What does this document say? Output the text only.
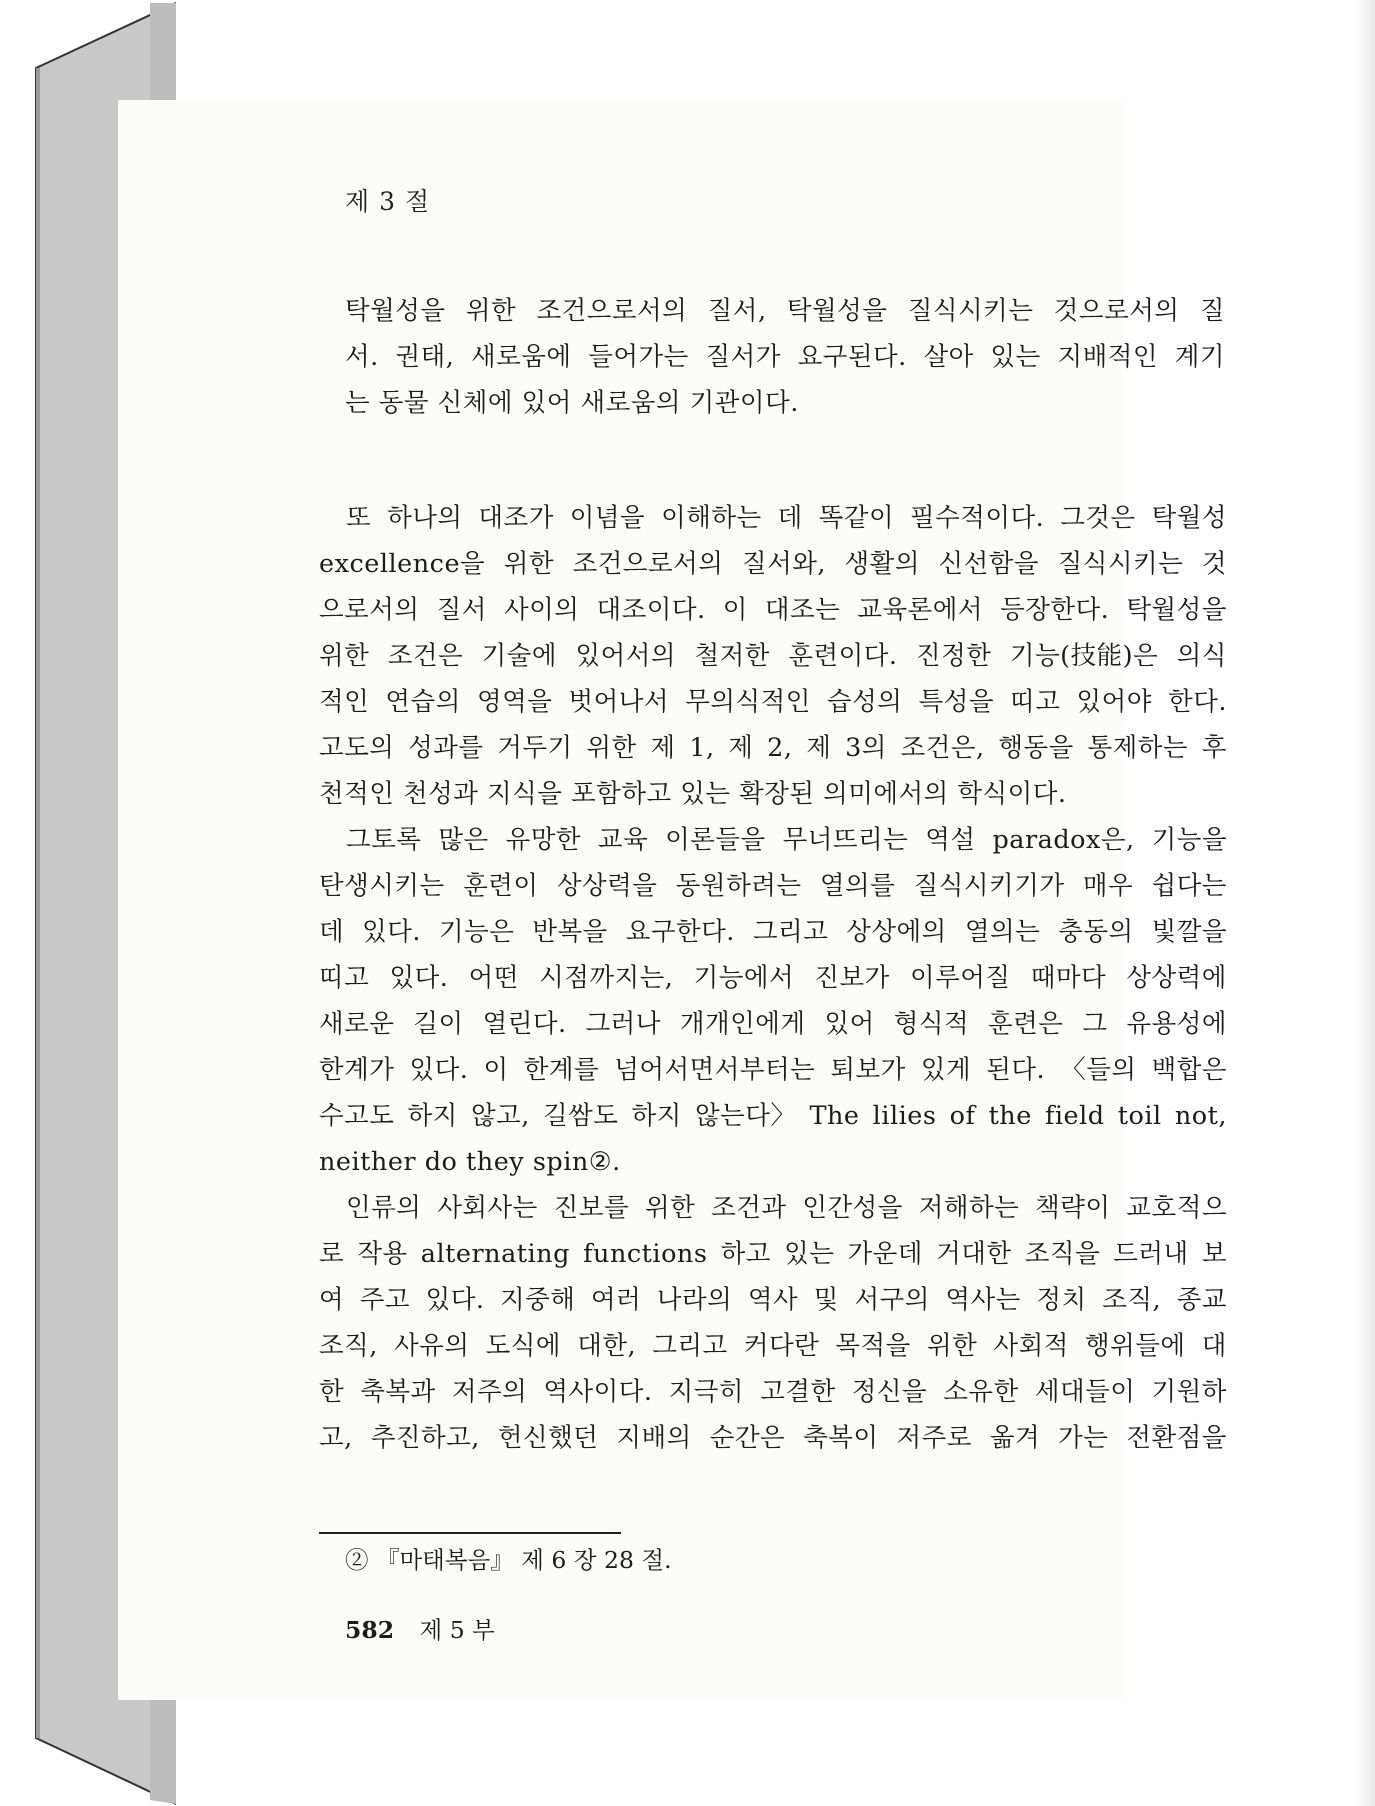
제 3 절
탁월성을 위한 조건으로서의 질서, 탁월성을 질식시키는 것으로서의 질
서. 권태, 새로움에 들어가는 질서가 요구된다. 살아 있는 지배적인 계기
는 동물 신체에 있어 새로움의 기관이다.
또 하나의 대조가 이념을 이해하는 데 똑같이 필수적이다. 그것은 탁월성
excellence을 위한 조건으로서의 질서와, 생활의 신선함을 질식시키는 것
으로서의 질서 사이의 대조이다. 이 대조는 교육론에서 등장한다. 탁월성을
위한 조건은 기술에 있어서의 철저한 훈련이다. 진정한 기능(技能)은 의식
적인 연습의 영역을 벗어나서 무의식적인 습성의 특성을 띠고 있어야 한다.
고도의 성과를 거두기 위한 제 1, 제 2, 제 3의 조건은, 행동을 통제하는 후
천적인 천성과 지식을 포함하고 있는 확장된 의미에서의 학식이다.
그토록 많은 유망한 교육 이론들을 무너뜨리는 역설 paradox은, 기능을
탄생시키는 훈련이 상상력을 동원하려는 열의를 질식시키기가 매우 쉽다는
데 있다. 기능은 반복을 요구한다. 그리고 상상에의 열의는 충동의 빛깔을
띠고 있다. 어떤 시점까지는, 기능에서 진보가 이루어질 때마다 상상력에
새로운 길이 열린다. 그러나 개개인에게 있어 형식적 훈련은 그 유용성에
한계가 있다. 이 한계를 넘어서면서부터는 퇴보가 있게 된다. 〈들의 백합은
수고도 하지 않고, 길쌈도 하지 않는다〉 The lilies of the field toil not,
neither do they spin②.
인류의 사회사는 진보를 위한 조건과 인간성을 저해하는 책략이 교호적으
로 작용 alternating functions 하고 있는 가운데 거대한 조직을 드러내 보
여 주고 있다. 지중해 여러 나라의 역사 및 서구의 역사는 정치 조직, 종교
조직, 사유의 도식에 대한, 그리고 커다란 목적을 위한 사회적 행위들에 대
한 축복과 저주의 역사이다. 지극히 고결한 정신을 소유한 세대들이 기원하
고, 추진하고, 헌신했던 지배의 순간은 축복이 저주로 옮겨 가는 전환점을
② 『마태복음』 제 6 장 28 절.
582 제 5 부
